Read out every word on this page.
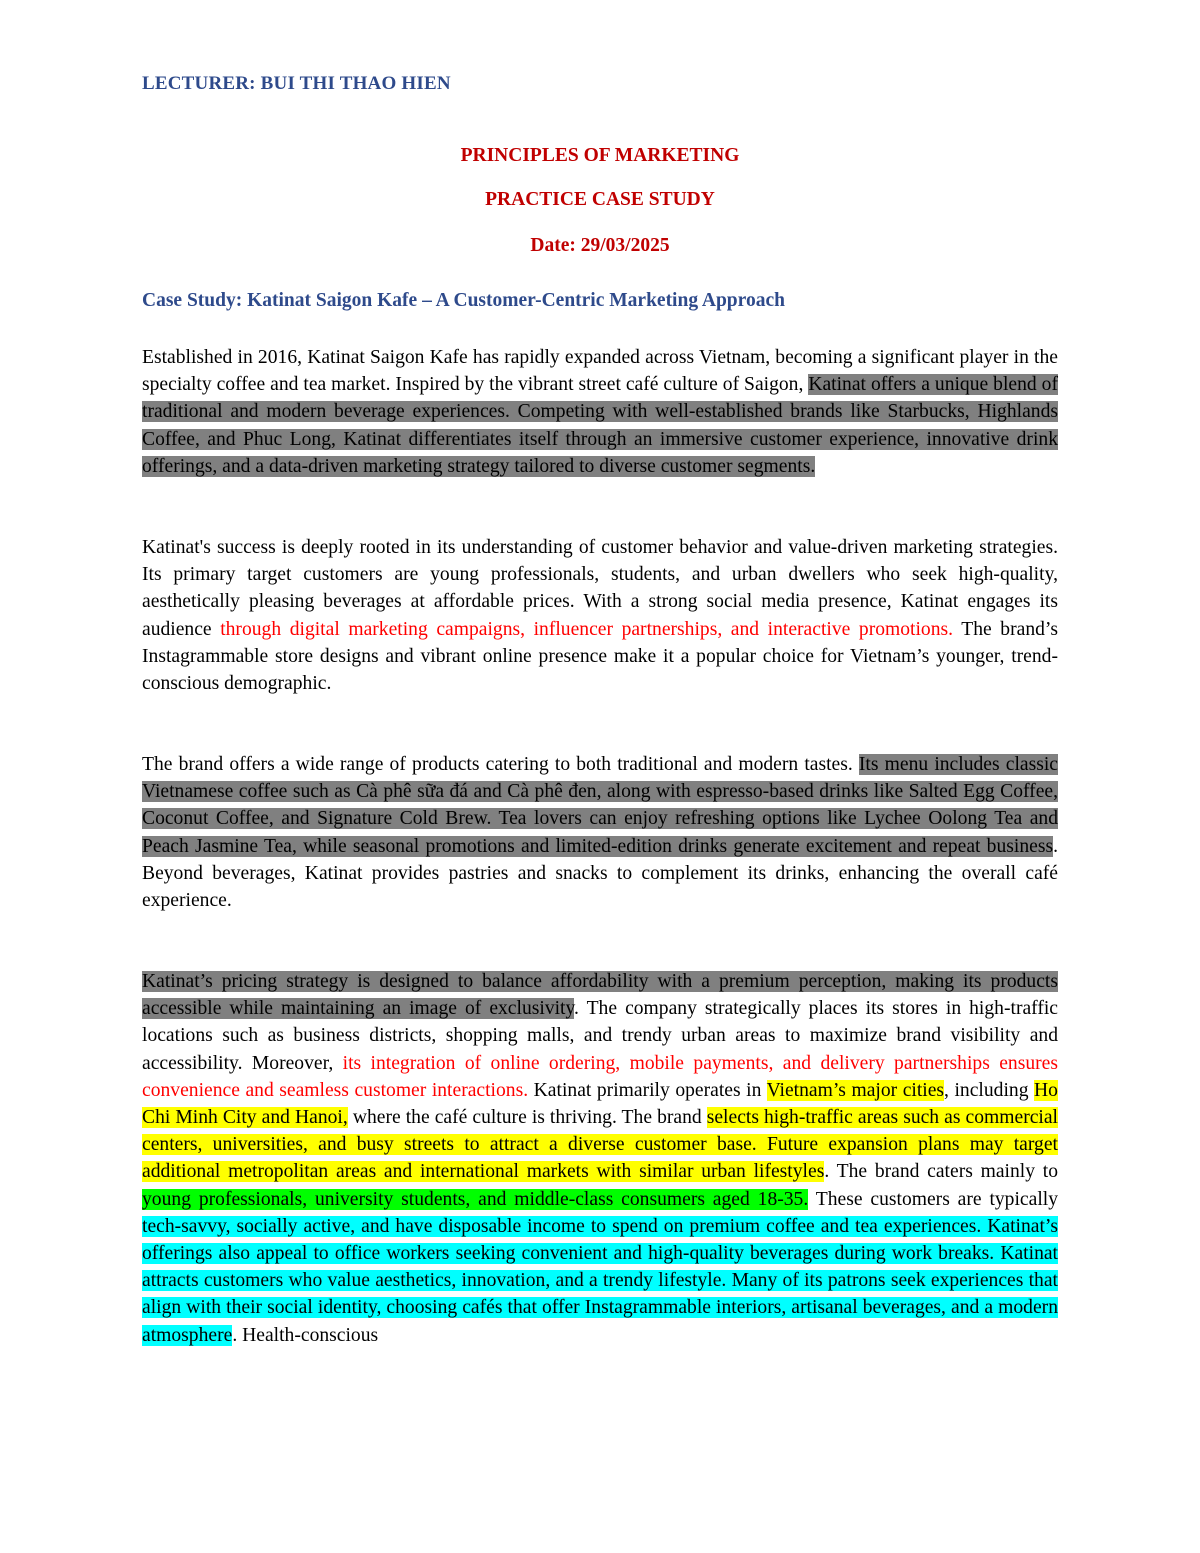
LECTURER: BUI THI THAO HIEN
PRINCIPLES OF MARKETING
PRACTICE CASE STUDY
Date: 29/03/2025
Case Study: Katinat Saigon Kafe – A Customer-Centric Marketing Approach

Established in 2016, Katinat Saigon Kafe has rapidly expanded across Vietnam, becoming a significant player in the specialty coffee and tea market. Inspired by the vibrant street café culture of Saigon, Katinat offers a unique blend of traditional and modern beverage experiences. Competing with well-established brands like Starbucks, Highlands Coffee, and Phuc Long, Katinat differentiates itself through an immersive customer experience, innovative drink offerings, and a data-driven marketing strategy tailored to diverse customer segments.

Katinat's success is deeply rooted in its understanding of customer behavior and value-driven marketing strategies. Its primary target customers are young professionals, students, and urban dwellers who seek high-quality, aesthetically pleasing beverages at affordable prices. With a strong social media presence, Katinat engages its audience through digital marketing campaigns, influencer partnerships, and interactive promotions. The brand’s Instagrammable store designs and vibrant online presence make it a popular choice for Vietnam’s younger, trend-conscious demographic.

The brand offers a wide range of products catering to both traditional and modern tastes. Its menu includes classic Vietnamese coffee such as Cà phê sữa đá and Cà phê đen, along with espresso-based drinks like Salted Egg Coffee, Coconut Coffee, and Signature Cold Brew. Tea lovers can enjoy refreshing options like Lychee Oolong Tea and Peach Jasmine Tea, while seasonal promotions and limited-edition drinks generate excitement and repeat business. Beyond beverages, Katinat provides pastries and snacks to complement its drinks, enhancing the overall café experience.

Katinat’s pricing strategy is designed to balance affordability with a premium perception, making its products accessible while maintaining an image of exclusivity. The company strategically places its stores in high-traffic locations such as business districts, shopping malls, and trendy urban areas to maximize brand visibility and accessibility. Moreover, its integration of online ordering, mobile payments, and delivery partnerships ensures convenience and seamless customer interactions. Katinat primarily operates in Vietnam’s major cities, including Ho Chi Minh City and Hanoi, where the café culture is thriving. The brand selects high-traffic areas such as commercial centers, universities, and busy streets to attract a diverse customer base. Future expansion plans may target additional metropolitan areas and international markets with similar urban lifestyles. The brand caters mainly to young professionals, university students, and middle-class consumers aged 18-35. These customers are typically tech-savvy, socially active, and have disposable income to spend on premium coffee and tea experiences. Katinat’s offerings also appeal to office workers seeking convenient and high-quality beverages during work breaks. Katinat attracts customers who value aesthetics, innovation, and a trendy lifestyle. Many of its patrons seek experiences that align with their social identity, choosing cafés that offer Instagrammable interiors, artisanal beverages, and a modern atmosphere. Health-conscious
